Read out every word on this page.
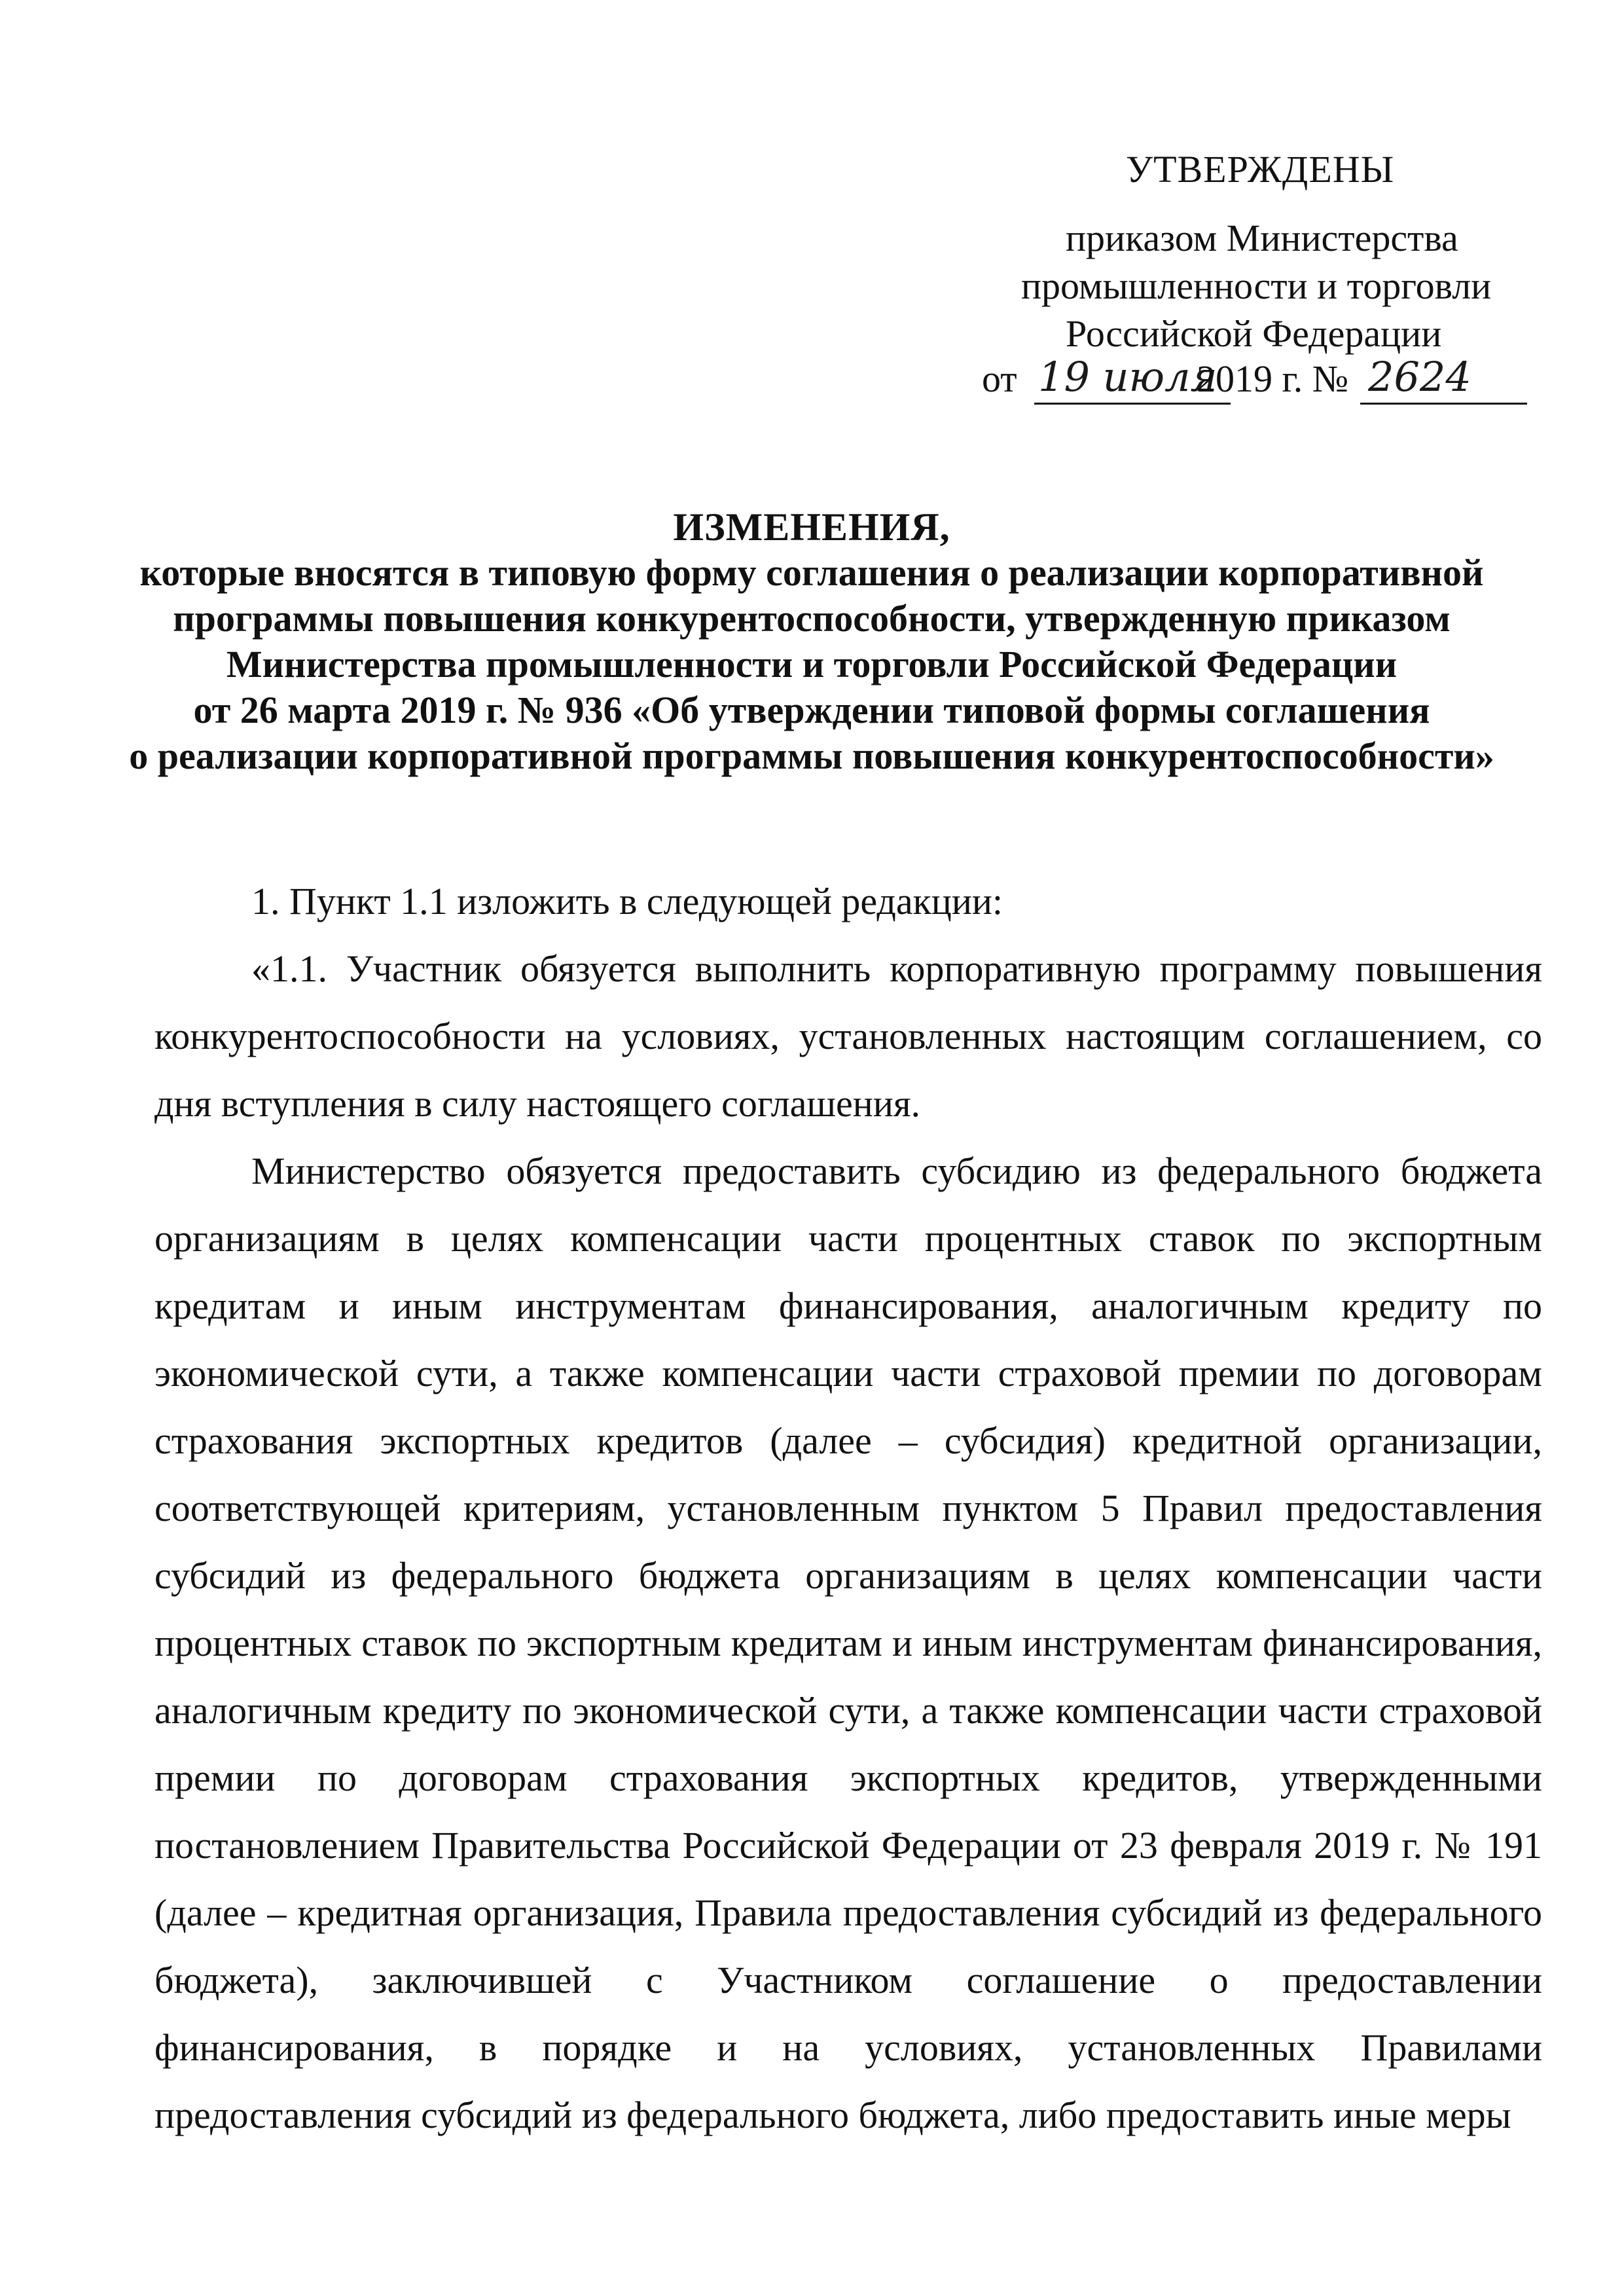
УТВЕРЖДЕНЫ
приказом Министерства
промышленности и торговли
Российской Федерации
от 19 июля
2019 г. № 2624
ИЗМЕНЕНИЯ,
которые вносятся в типовую форму соглашения о реализации корпоративной
программы повышения конкурентоспособности, утвержденную приказом
Министерства промышленности и торговли Российской Федерации
от 26 марта 2019 г. № 936 «Об утверждении типовой формы соглашения
о реализации корпоративной программы повышения конкурентоспособности»

1. Пункт 1.1 изложить в следующей редакции:

«1.1. Участник обязуется выполнить корпоративную программу повышения конкурентоспособности на условиях, установленных настоящим соглашением, со дня вступления в силу настоящего соглашения.

Министерство обязуется предоставить субсидию из федерального бюджета организациям в целях компенсации части процентных ставок по экспортным кредитам и иным инструментам финансирования, аналогичным кредиту по экономической сути, а также компенсации части страховой премии по договорам страхования экспортных кредитов (далее – субсидия) кредитной организации, соответствующей критериям, установленным пунктом 5 Правил предоставления субсидий из федерального бюджета организациям в целях компенсации части процентных ставок по экспортным кредитам и иным инструментам финансирования, аналогичным кредиту по экономической сути, а также компенсации части страховой премии по договорам страхования экспортных кредитов, утвержденными постановлением Правительства Российской Федерации от 23 февраля 2019 г. № 191 (далее – кредитная организация, Правила предоставления субсидий из федерального бюджета), заключившей с Участником соглашение о предоставлении финансирования, в порядке и на условиях, установленных Правилами предоставления субсидий из федерального бюджета, либо предоставить иные меры
